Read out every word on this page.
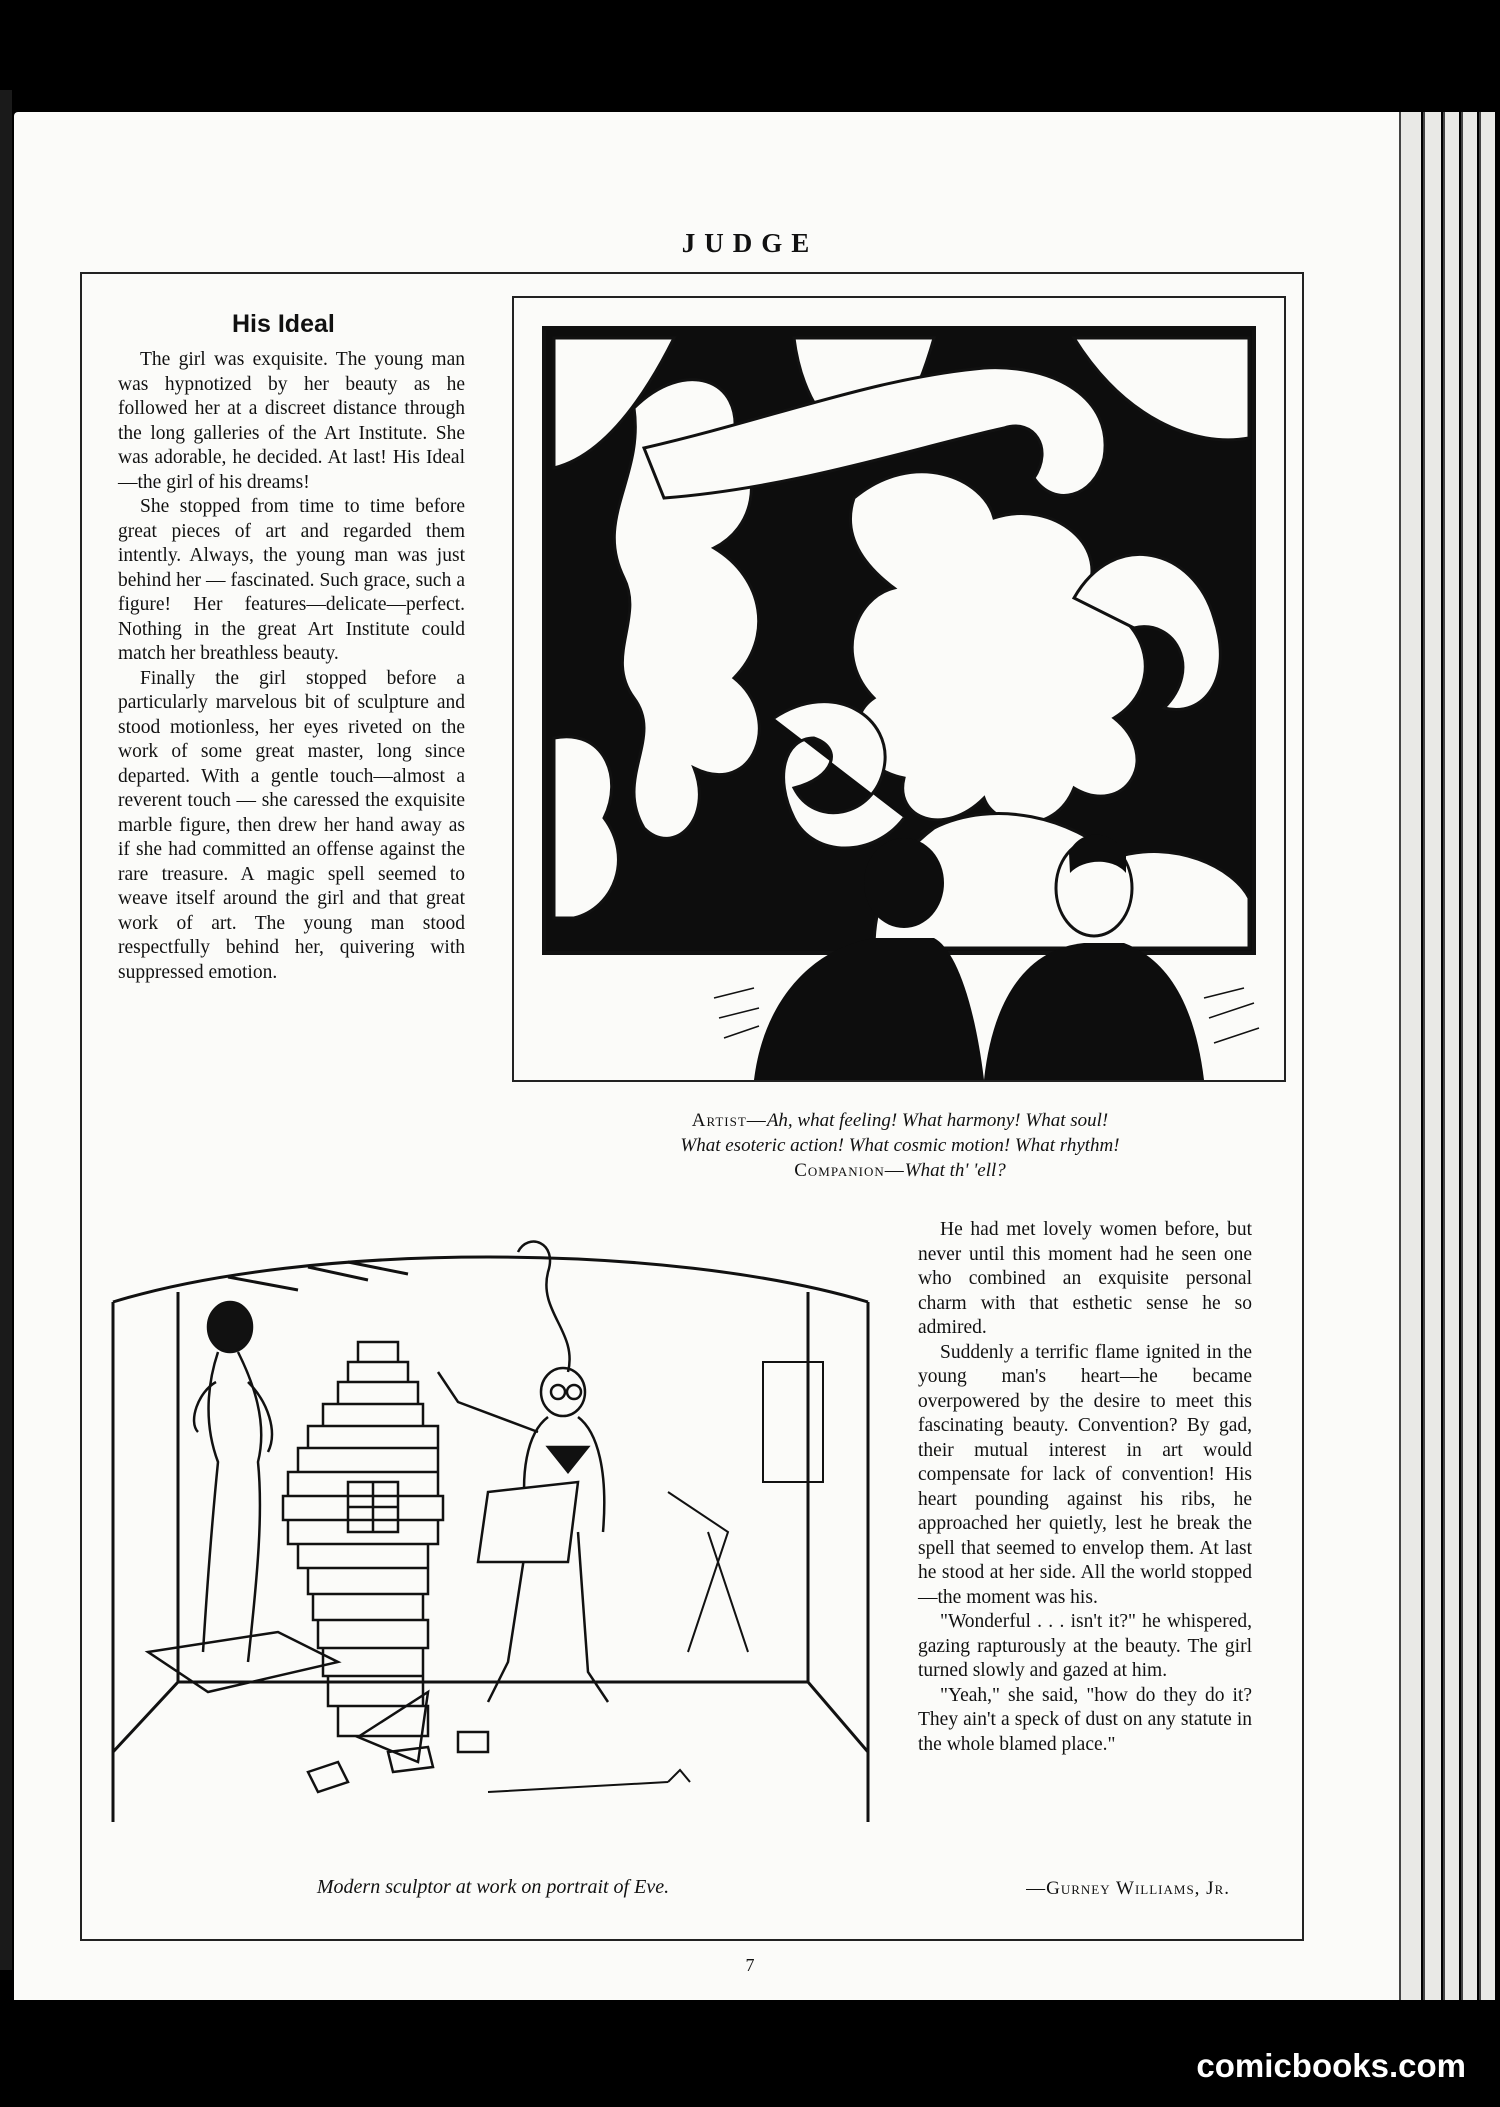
JUDGE
His Ideal

The girl was exquisite. The young man was hypnotized by her beauty as he followed her at a discreet distance through the long galleries of the Art Institute. She was adorable, he decided. At last! His Ideal—the girl of his dreams!

She stopped from time to time before great pieces of art and regarded them intently. Always, the young man was just behind her — fascinated. Such grace, such a figure! Her features—delicate—perfect. Nothing in the great Art Institute could match her breathless beauty.

Finally the girl stopped before a particularly marvelous bit of sculpture and stood motionless, her eyes riveted on the work of some great master, long since departed. With a gentle touch—almost a reverent touch — she caressed the exquisite marble figure, then drew her hand away as if she had committed an offense against the rare treasure. A magic spell seemed to weave itself around the girl and that great work of art. The young man stood respectfully behind her, quivering with suppressed emotion.

Artist—Ah, what feeling! What harmony! What soul!
What esoteric action! What cosmic motion! What rhythm!
Companion—What th' 'ell?

He had met lovely women before, but never until this moment had he seen one who combined an exquisite personal charm with that esthetic sense he so admired.

Suddenly a terrific flame ignited in the young man's heart—he became overpowered by the desire to meet this fascinating beauty. Convention? By gad, their mutual interest in art would compensate for lack of convention! His heart pounding against his ribs, he approached her quietly, lest he break the spell that seemed to envelop them. At last he stood at her side. All the world stopped—the moment was his.

"Wonderful . . . isn't it?" he whispered, gazing rapturously at the beauty. The girl turned slowly and gazed at him.

"Yeah," she said, "how do they do it? They ain't a speck of dust on any statute in the whole blamed place."

Modern sculptor at work on portrait of Eve.	—Gurney Williams, Jr.
7
comicbooks.com
